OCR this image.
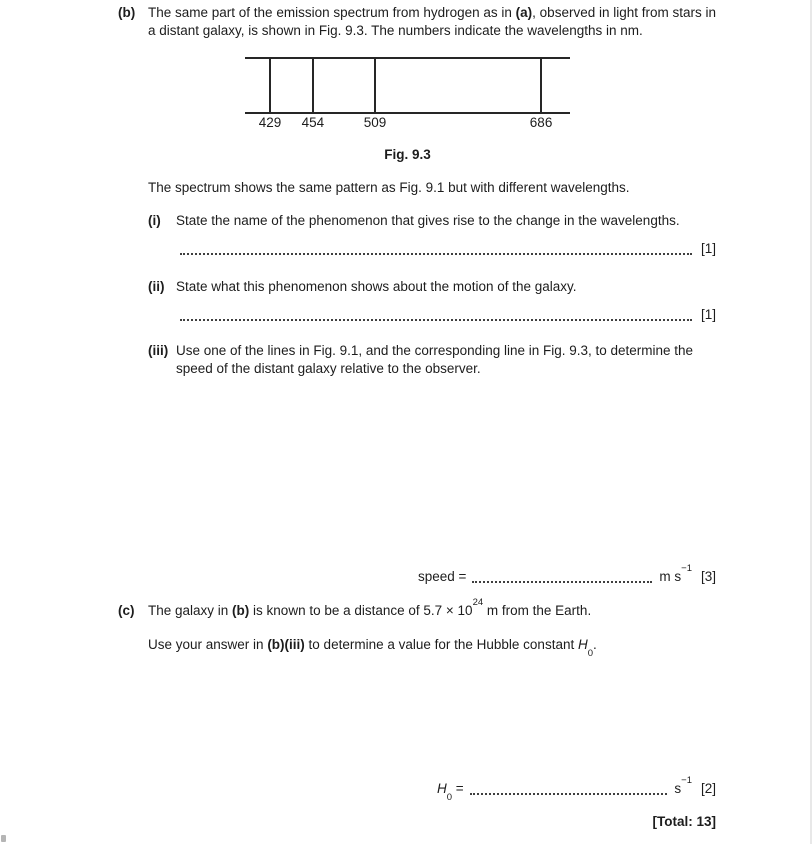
(b) The same part of the emission spectrum from hydrogen as in (a), observed in light from stars in a distant galaxy, is shown in Fig. 9.3. The numbers indicate the wavelengths in nm.
429 454	509	686
Fig. 9.3
The spectrum shows the same pattern as Fig. 9.1 but with different wavelengths.
(i)	State the name of the phenomenon that gives rise to the change in the wavelengths.
[1]
(ii) State what this phenomenon shows about the motion of the galaxy.
[1]
(iii) Use one of the lines in Fig. 9.1, and the corresponding line in Fig. 9.3, to determine the speed of the distant galaxy relative to the observer.
speed =	m $s^{-1}$
[3]
(c)	The galaxy in (b) is known to be a distance of $5.7 \times 10^{24}$ m from the Earth.
Use your answer in (b)(iii) to determine a value for the Hubble constant $H_0$.
$H_0$ =	$s^{-1}$
[2]
[Total: 13]
